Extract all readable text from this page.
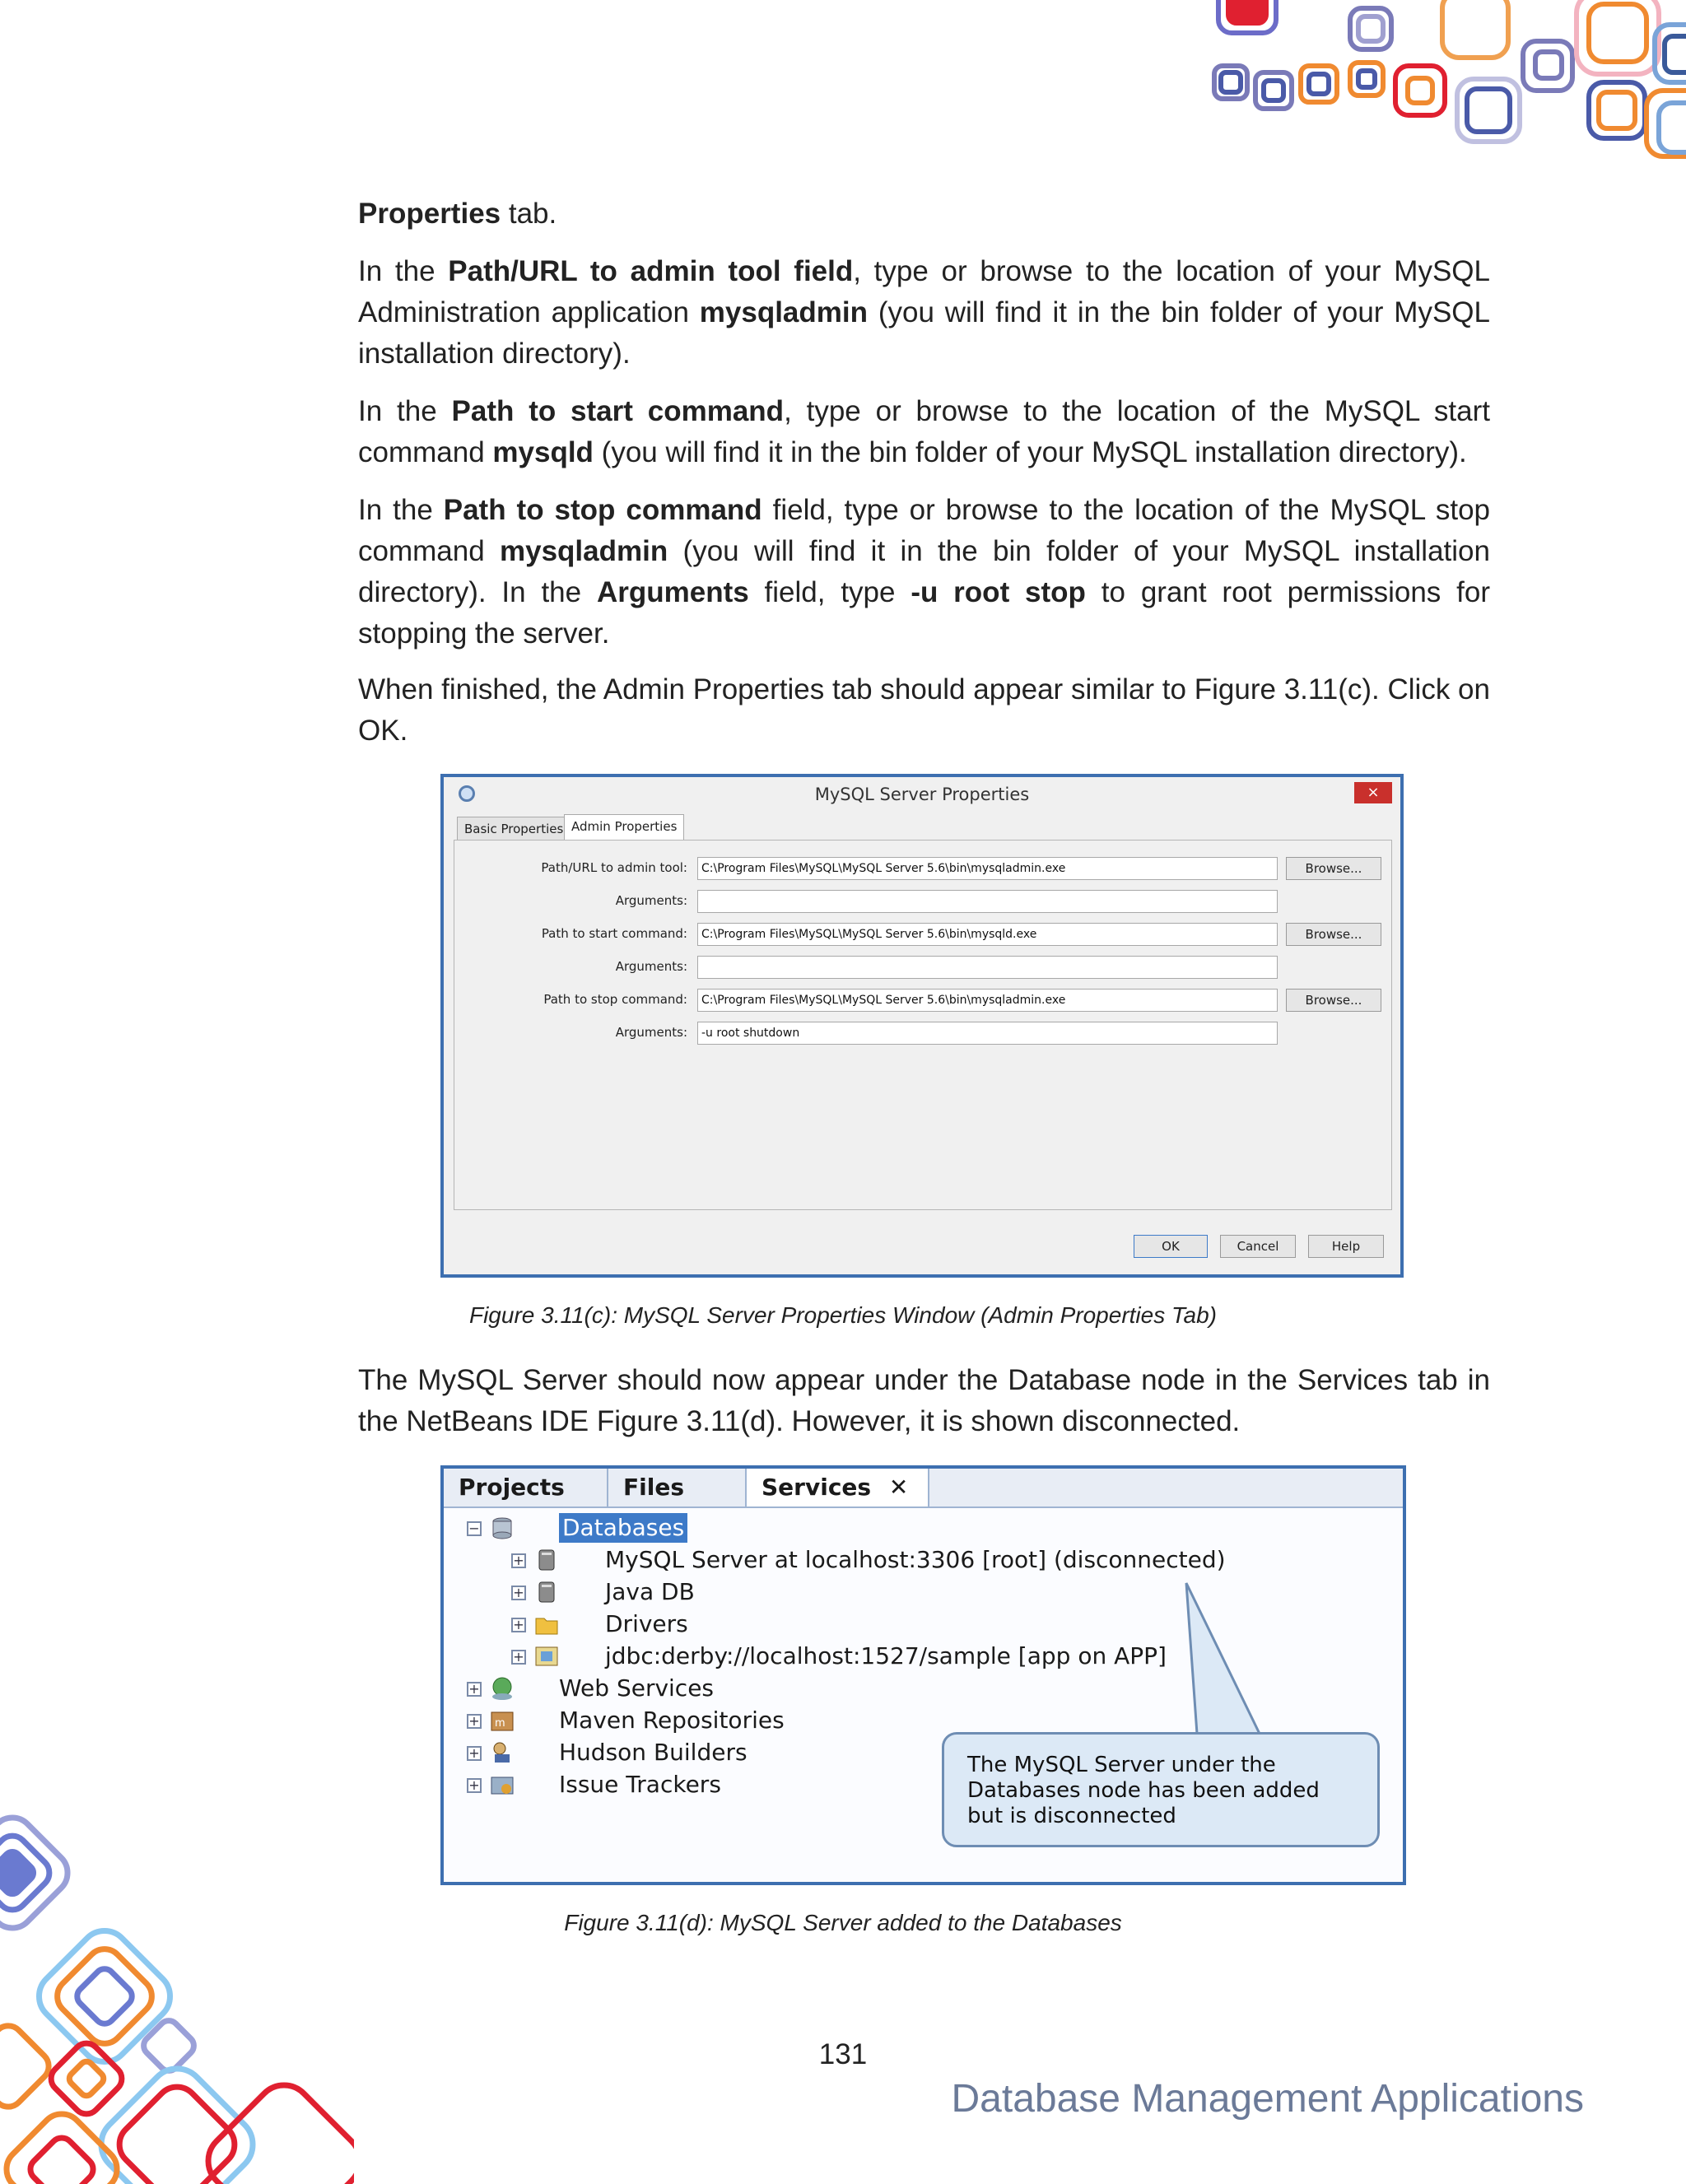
Properties tab.

In the Path/URL to admin tool field, type or browse to the location of your MySQL Administration application mysqladmin (you will find it in the bin folder of your MySQL installation directory).

In the Path to start command, type or browse to the location of the MySQL start command mysqld (you will find it in the bin folder of your MySQL installation directory).

In the Path to stop command field, type or browse to the location of the MySQL stop command mysqladmin (you will find it in the bin folder of your MySQL installation directory). In the Arguments field, type -u root stop to grant root permissions for stopping the server.

When finished, the Admin Properties tab should appear similar to Figure 3.11(c). Click on OK.

MySQL Server Properties	×
Basic Properties Admin Properties
Path/URL to admin tool:	C:\Program Files\MySQL\MySQL Server 5.6\bin\mysqladmin.exe	Browse...
Arguments:
Path to start command:	C:\Program Files\MySQL\MySQL Server 5.6\bin\mysqld.exe	Browse...
Arguments:
Path to stop command:	C:\Program Files\MySQL\MySQL Server 5.6\bin\mysqladmin.exe	Browse...
Arguments:	-u root shutdown
OK	Cancel	Help
Figure 3.11(c): MySQL Server Properties Window (Admin Properties Tab)

The MySQL Server should now appear under the Database node in the Services tab in the NetBeans IDE Figure 3.11(d). However, it is shown disconnected.

Projects	Files	Services ✕
−	Databases
+	MySQL Server at localhost:3306 [root] (disconnected)
+	Java DB
+	Drivers
+	jdbc:derby://localhost:1527/sample [app on APP]
+	Web Services
+ m Maven Repositories
+	Hudson Builders
+	Issue Trackers
The MySQL Server under the Databases node has been added but is disconnected
Figure 3.11(d): MySQL Server added to the Databases
131
Database Management Applications
